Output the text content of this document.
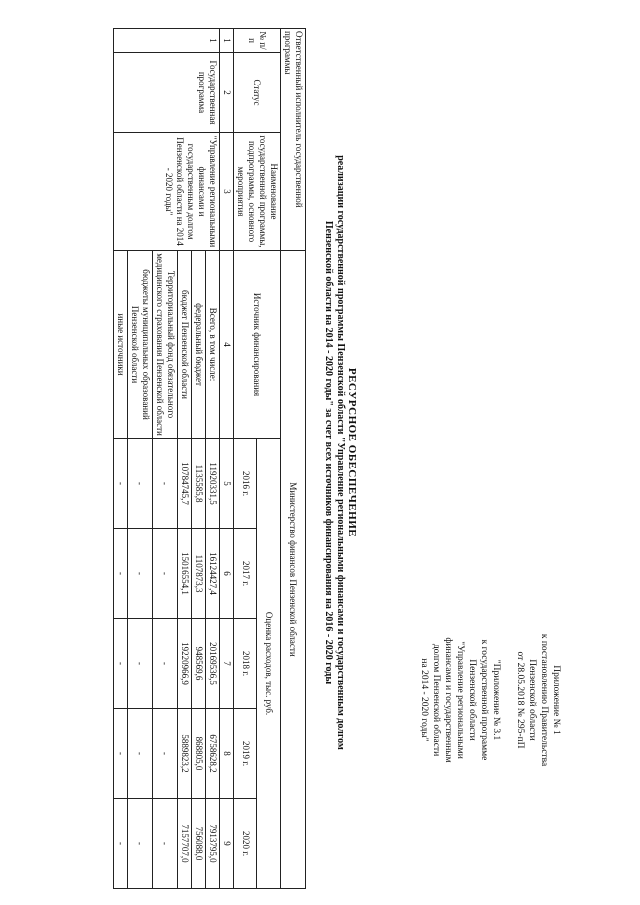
Приложение № 1
к постановлению Правительства
Пензенской области
от 28.05.2018 № 295-пП
"Приложение № 3.1
к государственной программе
Пензенской области
"Управление региональными
финансами и государственным
долгом Пензенской области
на 2014 - 2020 годы"
РЕСУРСНОЕ ОБЕСПЕЧЕНИЕ
реализации государственной программы Пензенской области "Управление региональными финансами и государственным долгом
Пензенской области на 2014 - 2020 годы" за счет всех источников финансирования на 2016 - 2020 годы
Ответственный исполнитель государственной программы			Министерство финансов Пензенской области					
№ п/п	Статус	Наименование государственной программы, подпрограммы, основного мероприятия	Источник финансирования	Оценка расходов, тыс. руб.				
				2016 г.	2017 г.	2018 г.	2019 г.	2020 г.
1	2	3	4	5	6	7	8	9
1	Государственная программа	"Управление региональными финансами и государственным долгом Пензенской области на 2014 - 2020 годы"	Всего, в том числе:	11920331,5	16124427,4	20169536,5	6758628,2	7913795,0
			федеральный бюджет	1135585,8	1107873,3	948569,6	868805,0	756088,0
			бюджет Пензенской области	10784745,7	15016554,1	19220966,9	5889823,2	7157707,0
			Территориальный фонд обязательного медицинского страхования Пензенской области	-	-	-	-	-
			бюджеты муниципальных образований Пензенской области	-	-	-	-	-
			иные источники	-	-	-	-	-
